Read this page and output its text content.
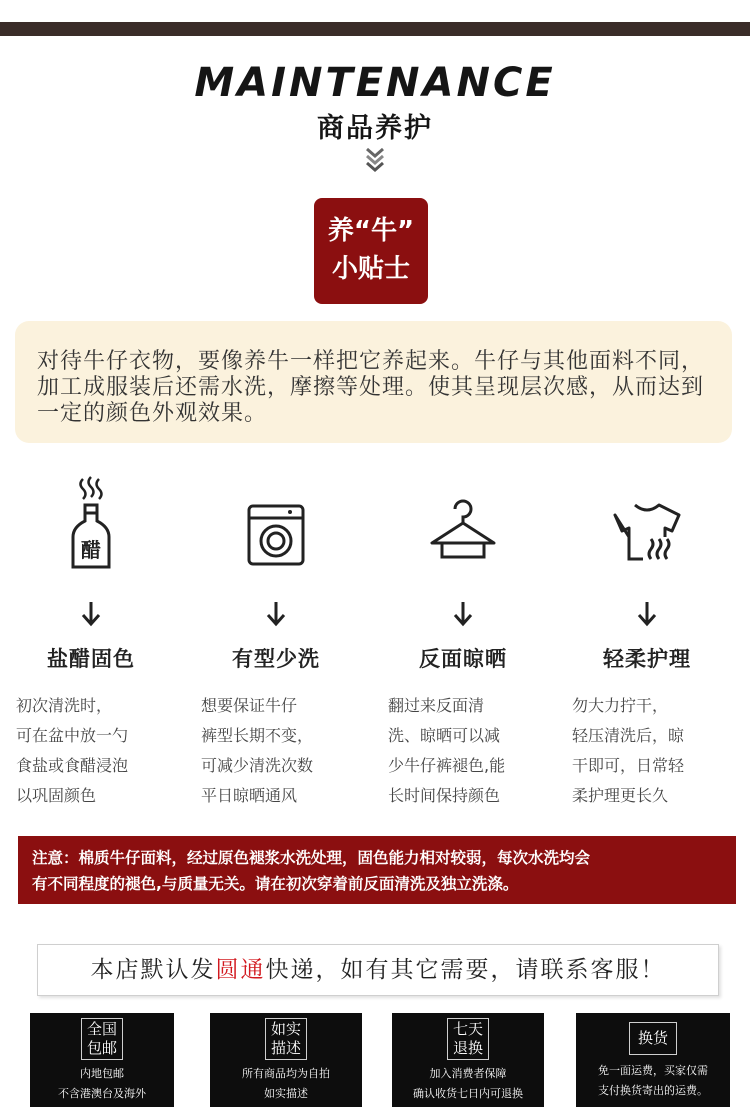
MAINTENANCE
商品养护
养“牛”
小贴士
对待牛仔衣物，要像养牛一样把它养起来。牛仔与其他面料不同，加工成服装后还需水洗，摩擦等处理。使其呈现层次感，从而达到一定的颜色外观效果。
醋
盐醋固色
初次清洗时，
可在盆中放一勺
食盐或食醋浸泡
以巩固颜色
有型少洗
想要保证牛仔
裤型长期不变，
可减少清洗次数
平日晾晒通风
反面晾晒
翻过来反面清
洗、晾晒可以减
少牛仔裤褪色,能
长时间保持颜色
轻柔护理
勿大力拧干，
轻压清洗后，晾
干即可，日常轻
柔护理更长久
注意：棉质牛仔面料，经过原色褪浆水洗处理，固色能力相对较弱，每次水洗均会
有不同程度的褪色,与质量无关。请在初次穿着前反面清洗及独立洗涤。
本店默认发圆通快递，如有其它需要，请联系客服！
全国
包邮
内地包邮
不含港澳台及海外
如实
描述
所有商品均为自拍
如实描述
七天
退换
加入消费者保障
确认收货七日内可退换
换货
免一面运费，买家仅需
支付换货寄出的运费。
